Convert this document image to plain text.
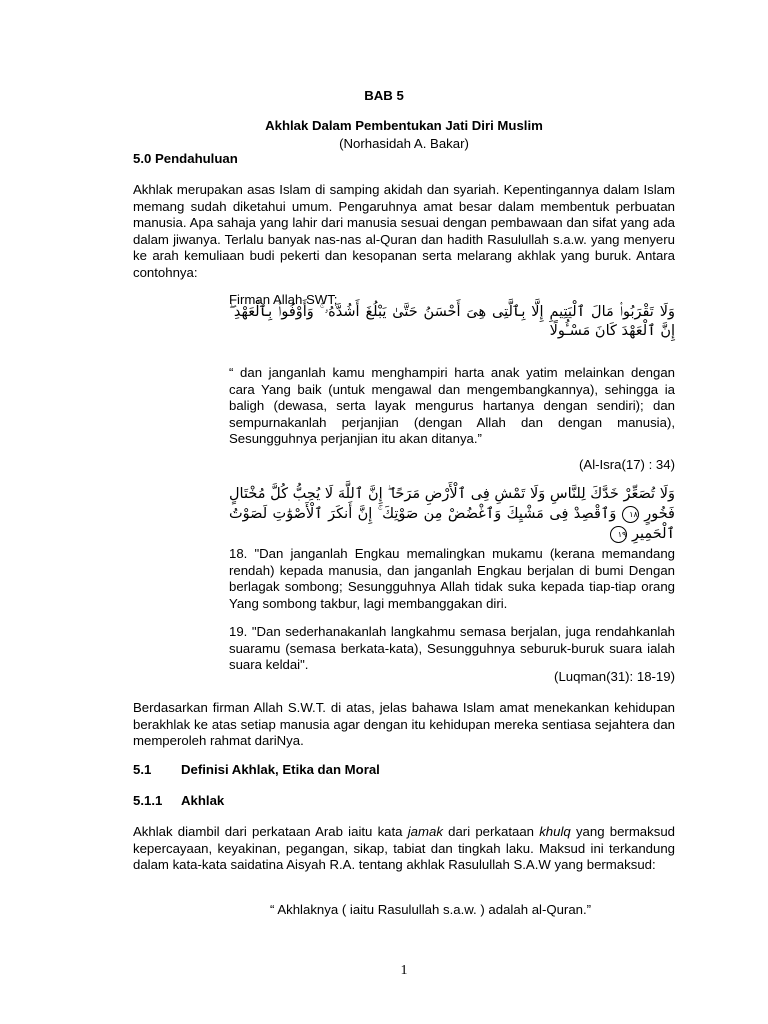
BAB 5
Akhlak Dalam Pembentukan Jati Diri Muslim
(Norhasidah A. Bakar)
5.0 Pendahuluan
Akhlak merupakan asas Islam di samping akidah dan syariah. Kepentingannya dalam Islam memang sudah diketahui umum. Pengaruhnya amat besar dalam membentuk perbuatan manusia. Apa sahaja yang lahir dari manusia sesuai dengan pembawaan dan sifat yang ada dalam jiwanya. Terlalu banyak nas-nas al-Quran dan hadith Rasulullah s.a.w. yang menyeru ke arah kemuliaan budi pekerti dan kesopanan serta melarang akhlak yang buruk. Antara contohnya:
Firman Allah SWT;
وَلَا تَقْرَبُوا۟ مَالَ ٱلْيَتِيمِ إِلَّا بِٱلَّتِى هِىَ أَحْسَنُ حَتَّىٰ يَبْلُغَ أَشُدَّهُۥ ۚ وَأَوْفُوا۟ بِٱلْعَهْدِ ۖ إِنَّ ٱلْعَهْدَ كَانَ مَسْـُٔولًا
“ dan janganlah kamu menghampiri harta anak yatim melainkan dengan cara Yang baik (untuk mengawal dan mengembangkannya), sehingga ia baligh (dewasa, serta layak mengurus hartanya dengan sendiri); dan sempurnakanlah perjanjian (dengan Allah dan dengan manusia), Sesungguhnya perjanjian itu akan ditanya.”
(Al-Isra(17) : 34)
وَلَا تُصَعِّرْ خَدَّكَ لِلنَّاسِ وَلَا تَمْشِ فِى ٱلْأَرْضِ مَرَحًا ۖ إِنَّ ٱللَّهَ لَا يُحِبُّ كُلَّ مُخْتَالٍ فَخُورٍ ١٨ وَٱقْصِدْ فِى مَشْيِكَ وَٱغْضُضْ مِن صَوْتِكَ ۚ إِنَّ أَنكَرَ ٱلْأَصْوَٰتِ لَصَوْتُ ٱلْحَمِيرِ ١٩
18. "Dan janganlah Engkau memalingkan mukamu (kerana memandang rendah) kepada manusia, dan janganlah Engkau berjalan di bumi Dengan berlagak sombong; Sesungguhnya Allah tidak suka kepada tiap-tiap orang Yang sombong takbur, lagi membanggakan diri.
19. "Dan sederhanakanlah langkahmu semasa berjalan, juga rendahkanlah suaramu (semasa berkata-kata), Sesungguhnya seburuk-buruk suara ialah suara keldai".
(Luqman(31): 18-19)
Berdasarkan firman Allah S.W.T. di atas, jelas bahawa Islam amat menekankan kehidupan berakhlak ke atas setiap manusia agar dengan itu kehidupan mereka sentiasa sejahtera dan memperoleh rahmat dariNya.
5.1 Definisi Akhlak, Etika dan Moral
5.1.1 Akhlak
Akhlak diambil dari perkataan Arab iaitu kata jamak dari perkataan khulq yang bermaksud kepercayaan, keyakinan, pegangan, sikap, tabiat dan tingkah laku. Maksud ini terkandung dalam kata-kata saidatina Aisyah R.A. tentang akhlak Rasulullah S.A.W yang bermaksud:
“ Akhlaknya ( iaitu Rasulullah s.a.w. ) adalah al-Quran.”
1
